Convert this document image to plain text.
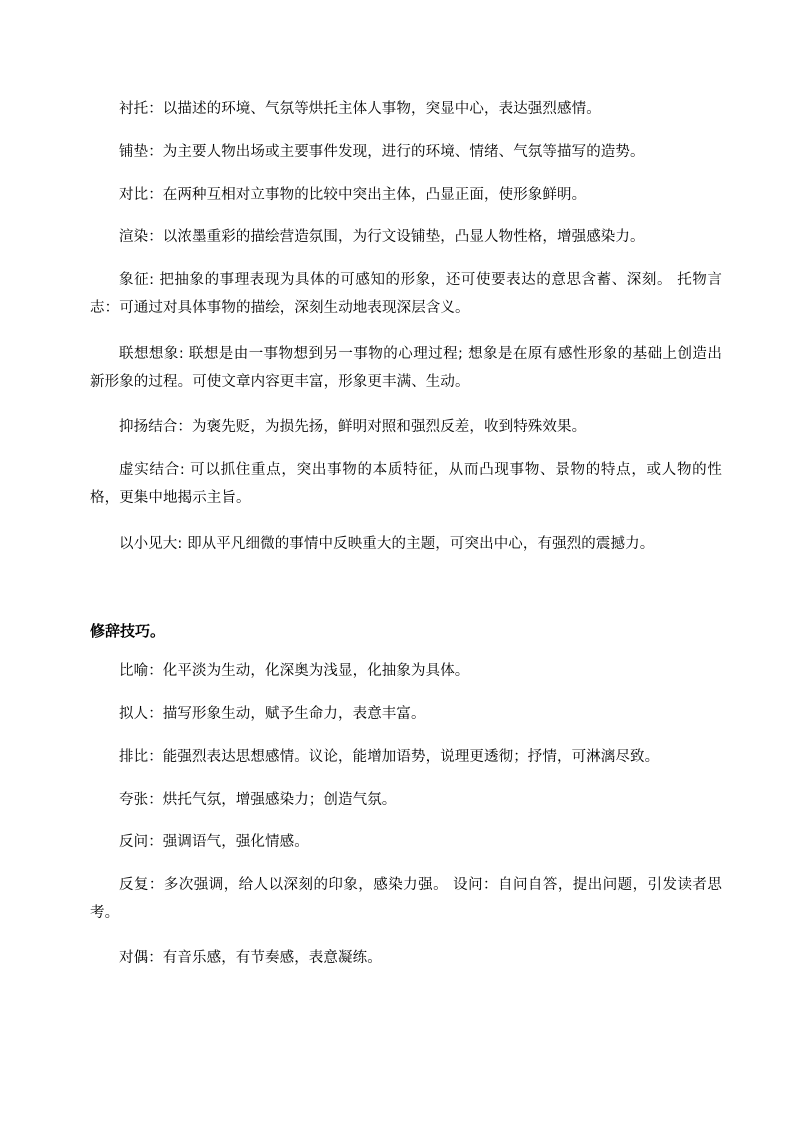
衬托：以描述的环境、气氛等烘托主体人事物，突显中心，表达强烈感情。

铺垫：为主要人物出场或主要事件发现，进行的环境、情绪、气氛等描写的造势。

对比：在两种互相对立事物的比较中突出主体，凸显正面，使形象鲜明。

渲染：以浓墨重彩的描绘营造氛围，为行文设铺垫，凸显人物性格，增强感染力。

象征: 把抽象的事理表现为具体的可感知的形象，还可使要表达的意思含蓄、深刻。 托物言志：可通过对具体事物的描绘，深刻生动地表现深层含义。

联想想象: 联想是由一事物想到另一事物的心理过程; 想象是在原有感性形象的基础上创造出新形象的过程。可使文章内容更丰富，形象更丰满、生动。

抑扬结合：为褒先贬，为损先扬，鲜明对照和强烈反差，收到特殊效果。

虚实结合: 可以抓住重点，突出事物的本质特征，从而凸现事物、景物的特点，或人物的性格，更集中地揭示主旨。

以小见大: 即从平凡细微的事情中反映重大的主题，可突出中心，有强烈的震撼力。

修辞技巧。

比喻：化平淡为生动，化深奥为浅显，化抽象为具体。

拟人：描写形象生动，赋予生命力，表意丰富。

排比：能强烈表达思想感情。议论，能增加语势，说理更透彻；抒情，可淋漓尽致。

夸张：烘托气氛，增强感染力；创造气氛。

反问：强调语气，强化情感。

反复：多次强调，给人以深刻的印象，感染力强。 设问：自问自答，提出问题，引发读者思考。

对偶：有音乐感，有节奏感，表意凝练。
